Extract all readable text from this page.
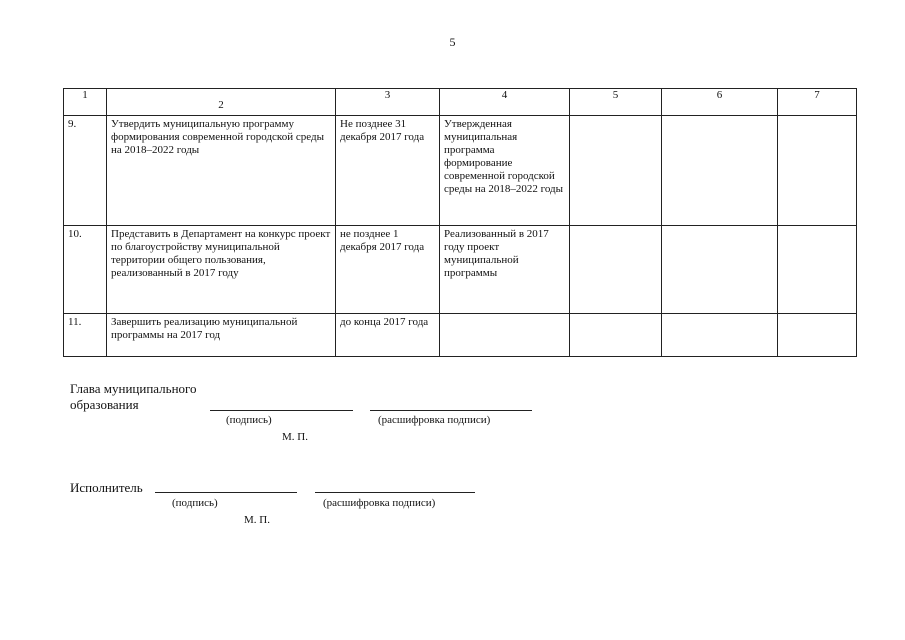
5
1	2	3	4	5	6	7
9.	Утвердить муниципальную программу формирования современной городской среды на 2018–2022 годы	Не позднее 31 декабря 2017 года	Утвержденная муниципальная программа формирование современной городской среды на 2018–2022 годы			
10.	Представить в Департамент на конкурс проект по благоустройству муниципальной территории общего пользования, реализованный в 2017 году	не позднее 1 декабря 2017 года	Реализованный в 2017 году проект муниципальной программы			
11.	Завершить реализацию муниципальной программы на 2017 год	до конца 2017 года				
Глава муниципального
образования
(подпись)	(расшифровка подписи)
М. П.
Исполнитель
(подпись)	(расшифровка подписи)
М. П.
